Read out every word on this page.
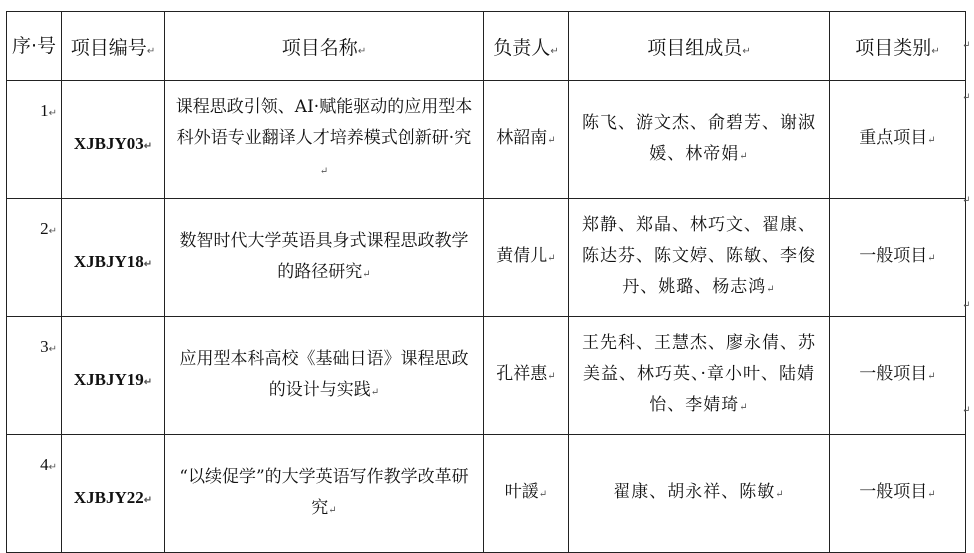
序·号	项目编号↵	项目名称↵	负责人↵	项目组成员↵	项目类别↵
1↵	XJBJY03↵	课程思政引领、AI·赋能驱动的应用型本科外语专业翻译人才培养模式创新研·究↵	林韶南↵	陈飞、游文杰、俞碧芳、谢淑媛、林帝娟↵	重点项目↵
2↵	XJBJY18↵	数智时代大学英语具身式课程思政教学的路径研究↵	黄倩儿↵	郑静、郑晶、林巧文、翟康、陈达芬、陈文婷、陈敏、李俊丹、姚璐、杨志鸿↵	一般项目↵
3↵	XJBJY19↵	应用型本科高校《基础日语》课程思政的设计与实践↵	孔祥惠↵	王先科、王慧杰、廖永倩、苏美益、林巧英、·章小叶、陆婧怡、李婧琦↵	一般项目↵
4↵	XJBJY22↵	“以续促学”的大学英语写作教学改革研究↵	叶諼↵	翟康、胡永祥、陈敏↵	一般项目↵
↵
↵
↵
↵
↵
